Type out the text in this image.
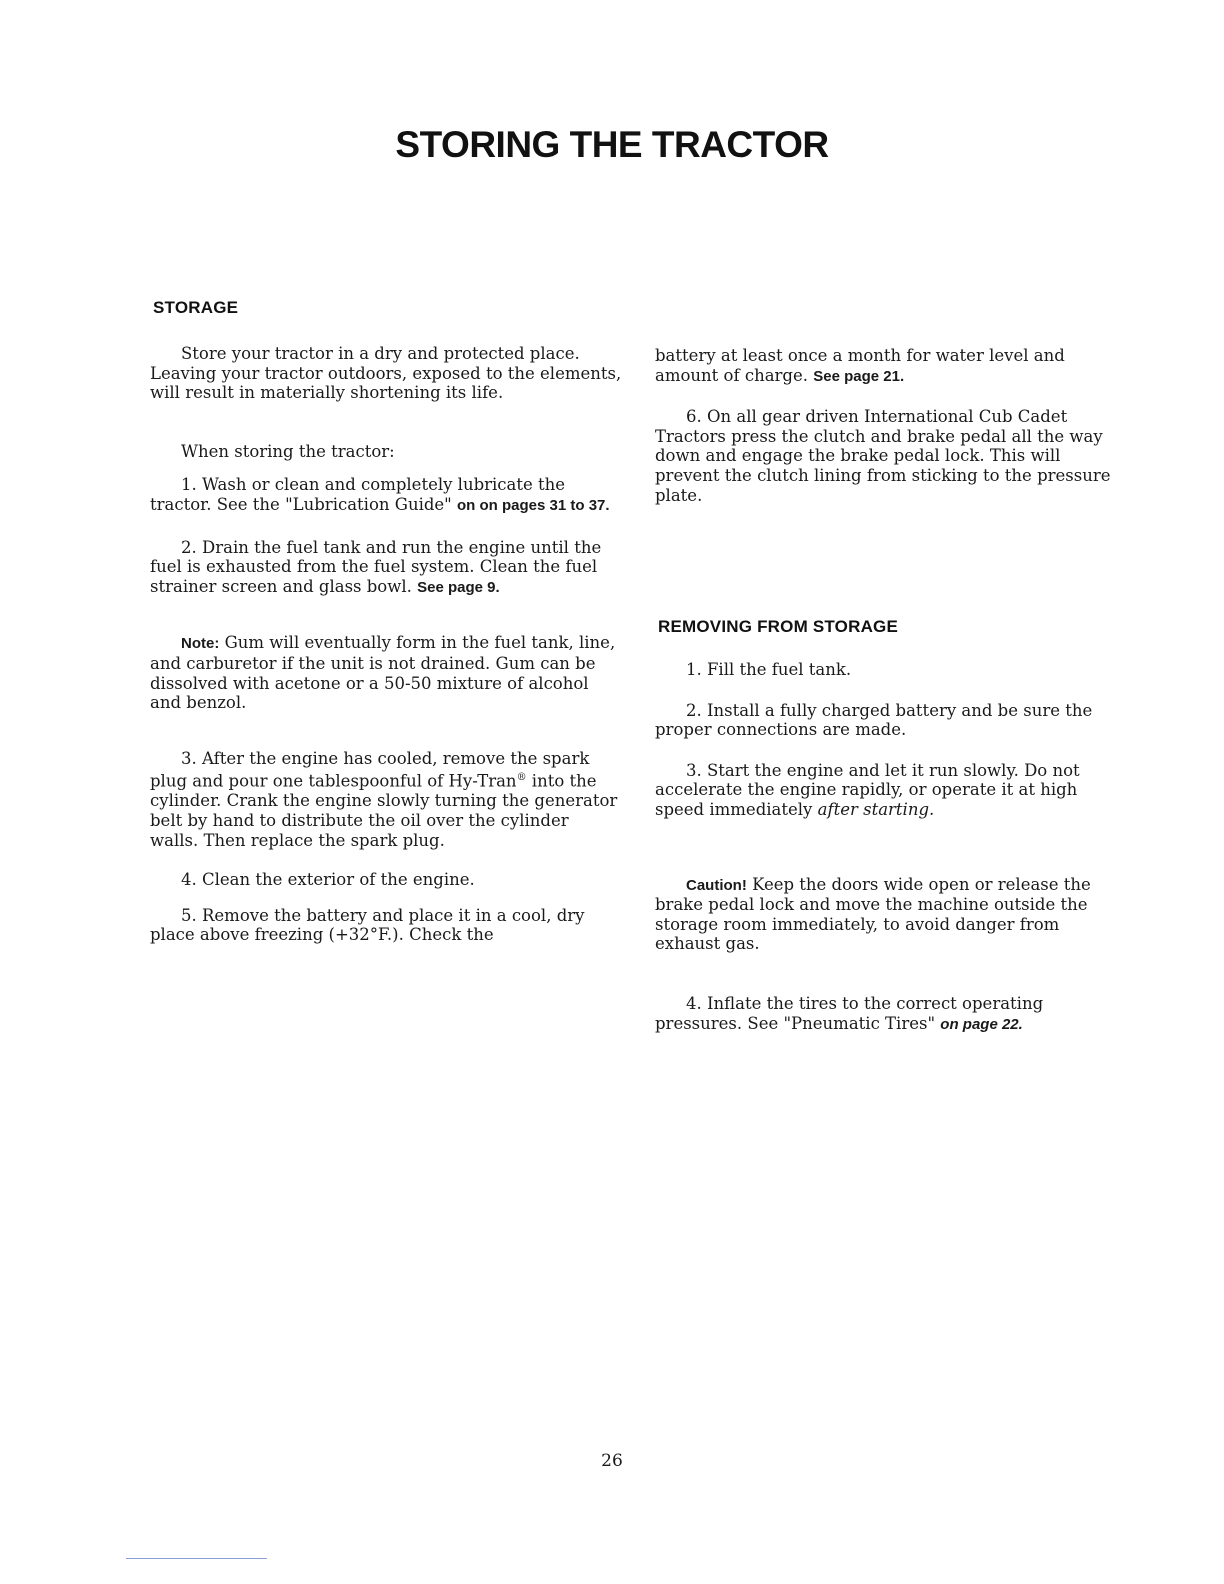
STORING THE TRACTOR
STORAGE

Store your tractor in a dry and protected place. Leaving your tractor outdoors, exposed to the elements, will result in materially shortening its life.

When storing the tractor:

1. Wash or clean and completely lubricate the tractor. See the "Lubrication Guide" on on pages 31 to 37.

2. Drain the fuel tank and run the engine until the fuel is exhausted from the fuel system. Clean the fuel strainer screen and glass bowl. See page 9.

Note: Gum will eventually form in the fuel tank, line, and carburetor if the unit is not drained. Gum can be dissolved with acetone or a 50-50 mixture of alcohol and benzol.

3. After the engine has cooled, remove the spark plug and pour one tablespoonful of Hy-Tran® into the cylinder. Crank the engine slowly turning the generator belt by hand to distribute the oil over the cylinder walls. Then replace the spark plug.

4. Clean the exterior of the engine.

5. Remove the battery and place it in a cool, dry place above freezing (+32°F.). Check the

battery at least once a month for water level and amount of charge. See page 21.

6. On all gear driven International Cub Cadet Tractors press the clutch and brake pedal all the way down and engage the brake pedal lock. This will prevent the clutch lining from sticking to the pressure plate.

REMOVING FROM STORAGE

1. Fill the fuel tank.

2. Install a fully charged battery and be sure the proper connections are made.

3. Start the engine and let it run slowly. Do not accelerate the engine rapidly, or operate it at high speed immediately after starting.

Caution! Keep the doors wide open or release the brake pedal lock and move the machine outside the storage room immediately, to avoid danger from exhaust gas.

4. Inflate the tires to the correct operating pressures. See "Pneumatic Tires" on page 22.

26
